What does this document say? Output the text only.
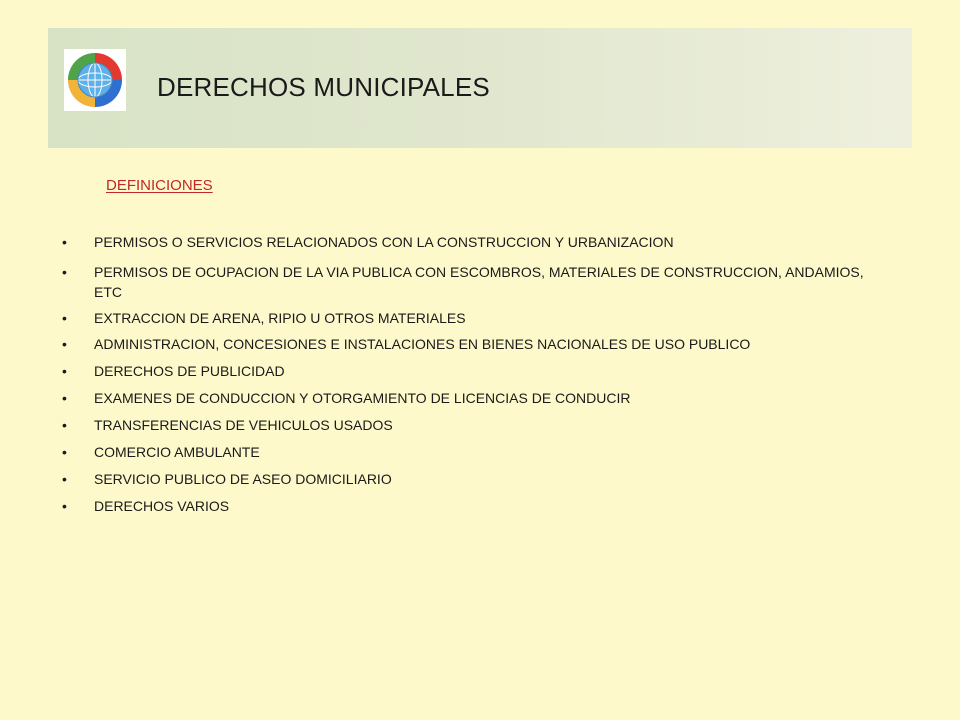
DERECHOS MUNICIPALES
DEFINICIONES
• PERMISOS O SERVICIOS RELACIONADOS CON LA CONSTRUCCION Y URBANIZACION
• PERMISOS DE OCUPACION DE LA VIA PUBLICA CON ESCOMBROS, MATERIALES DE CONSTRUCCION, ANDAMIOS, ETC
• EXTRACCION DE ARENA, RIPIO U OTROS MATERIALES
• ADMINISTRACION, CONCESIONES E INSTALACIONES EN BIENES NACIONALES DE USO PUBLICO
• DERECHOS DE PUBLICIDAD
• EXAMENES DE CONDUCCION Y OTORGAMIENTO DE LICENCIAS DE CONDUCIR
• TRANSFERENCIAS DE VEHICULOS USADOS
• COMERCIO AMBULANTE
• SERVICIO PUBLICO DE ASEO DOMICILIARIO
• DERECHOS VARIOS
